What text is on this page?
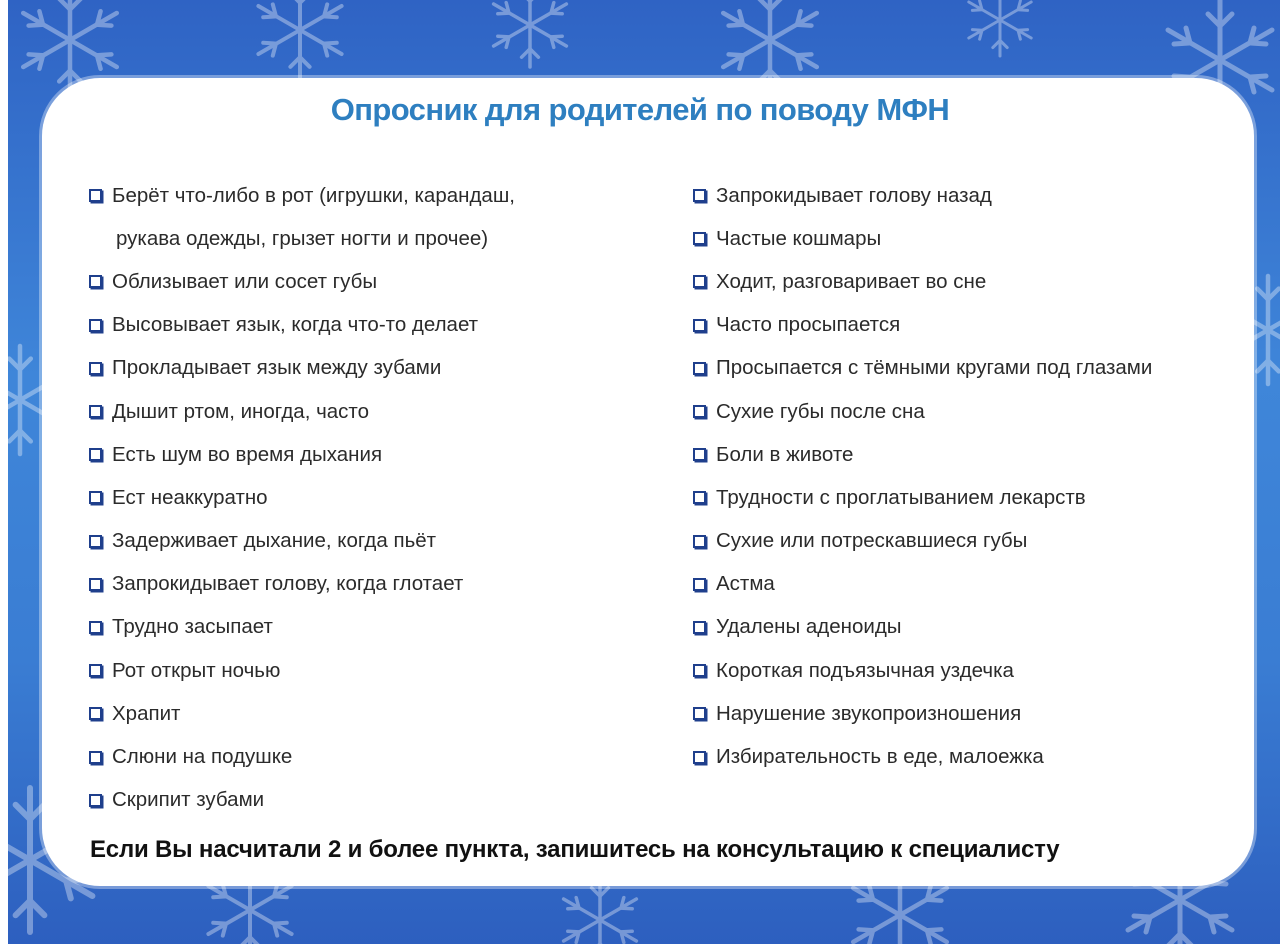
Опросник для родителей по поводу МФН
Берёт что-либо в рот (игрушки, карандаш,
рукава одежды, грызет ногти и прочее)
Облизывает или сосет губы
Высовывает язык, когда что-то делает
Прокладывает язык между зубами
Дышит ртом, иногда, часто
Есть шум во время дыхания
Ест неаккуратно
Задерживает дыхание, когда пьёт
Запрокидывает голову, когда глотает
Трудно засыпает
Рот открыт ночью
Храпит
Слюни на подушке
Скрипит зубами
Запрокидывает голову назад
Частые кошмары
Ходит, разговаривает во сне
Часто просыпается
Просыпается с тёмными кругами под глазами
Сухие губы после сна
Боли в животе
Трудности с проглатыванием лекарств
Сухие или потрескавшиеся губы
Астма
Удалены аденоиды
Короткая подъязычная уздечка
Нарушение звукопроизношения
Избирательность в еде, малоежка
Если Вы насчитали 2 и более пункта, запишитесь на консультацию к специалисту
